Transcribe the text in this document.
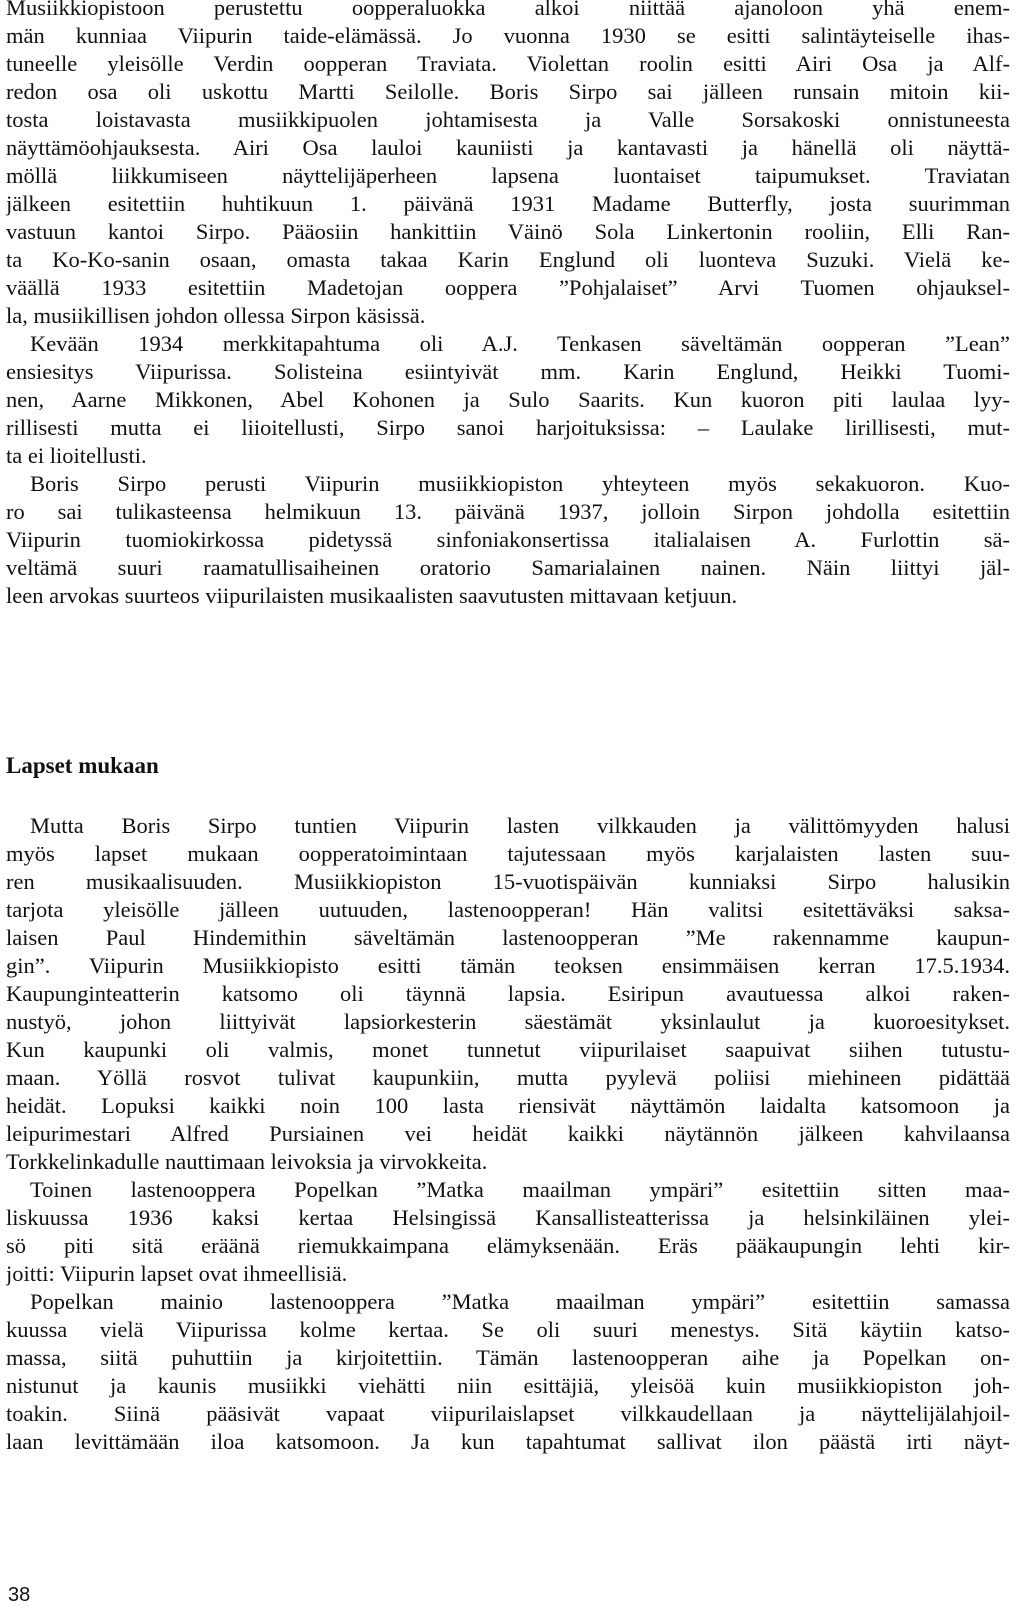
Musiikkiopistoon perustettu oopperaluokka alkoi niittää ajanoloon yhä enem-
män kunniaa Viipurin taide-elämässä. Jo vuonna 1930 se esitti salintäyteiselle ihas-
tuneelle yleisölle Verdin oopperan Traviata. Violettan roolin esitti Airi Osa ja Alf-
redon osa oli uskottu Martti Seilolle. Boris Sirpo sai jälleen runsain mitoin kii-
tosta loistavasta musiikkipuolen johtamisesta ja Valle Sorsakoski onnistuneesta
näyttämöohjauksesta. Airi Osa lauloi kauniisti ja kantavasti ja hänellä oli näyttä-
möllä liikkumiseen näyttelijäperheen lapsena luontaiset taipumukset. Traviatan
jälkeen esitettiin huhtikuun 1. päivänä 1931 Madame Butterfly, josta suurimman
vastuun kantoi Sirpo. Pääosiin hankittiin Väinö Sola Linkertonin rooliin, Elli Ran-
ta Ko-Ko-sanin osaan, omasta takaa Karin Englund oli luonteva Suzuki. Vielä ke-
väällä 1933 esitettiin Madetojan ooppera ”Pohjalaiset” Arvi Tuomen ohjauksel-
la, musiikillisen johdon ollessa Sirpon käsissä.
Kevään 1934 merkkitapahtuma oli A.J. Tenkasen säveltämän oopperan ”Lean”
ensiesitys Viipurissa. Solisteina esiintyivät mm. Karin Englund, Heikki Tuomi-
nen, Aarne Mikkonen, Abel Kohonen ja Sulo Saarits. Kun kuoron piti laulaa lyy-
rillisesti mutta ei liioitellusti, Sirpo sanoi harjoituksissa: – Laulake lirillisesti, mut-
ta ei lioitellusti.
Boris Sirpo perusti Viipurin musiikkiopiston yhteyteen myös sekakuoron. Kuo-
ro sai tulikasteensa helmikuun 13. päivänä 1937, jolloin Sirpon johdolla esitettiin
Viipurin tuomiokirkossa pidetyssä sinfoniakonsertissa italialaisen A. Furlottin sä-
veltämä suuri raamatullisaiheinen oratorio Samarialainen nainen. Näin liittyi jäl-
leen arvokas suurteos viipurilaisten musikaalisten saavutusten mittavaan ketjuun.
Lapset mukaan
Mutta Boris Sirpo tuntien Viipurin lasten vilkkauden ja välittömyyden halusi
myös lapset mukaan oopperatoimintaan tajutessaan myös karjalaisten lasten suu-
ren musikaalisuuden. Musiikkiopiston 15-vuotispäivän kunniaksi Sirpo halusikin
tarjota yleisölle jälleen uutuuden, lastenoopperan! Hän valitsi esitettäväksi saksa-
laisen Paul Hindemithin säveltämän lastenoopperan ”Me rakennamme kaupun-
gin”. Viipurin Musiikkiopisto esitti tämän teoksen ensimmäisen kerran 17.5.1934.
Kaupunginteatterin katsomo oli täynnä lapsia. Esiripun avautuessa alkoi raken-
nustyö, johon liittyivät lapsiorkesterin säestämät yksinlaulut ja kuoroesitykset.
Kun kaupunki oli valmis, monet tunnetut viipurilaiset saapuivat siihen tutustu-
maan. Yöllä rosvot tulivat kaupunkiin, mutta pyylevä poliisi miehineen pidättää
heidät. Lopuksi kaikki noin 100 lasta riensivät näyttämön laidalta katsomoon ja
leipurimestari Alfred Pursiainen vei heidät kaikki näytännön jälkeen kahvilaansa
Torkkelinkadulle nauttimaan leivoksia ja virvokkeita.
Toinen lastenooppera Popelkan ”Matka maailman ympäri” esitettiin sitten maa-
liskuussa 1936 kaksi kertaa Helsingissä Kansallisteatterissa ja helsinkiläinen ylei-
sö piti sitä eräänä riemukkaimpana elämyksenään. Eräs pääkaupungin lehti kir-
joitti: Viipurin lapset ovat ihmeellisiä.
Popelkan mainio lastenooppera ”Matka maailman ympäri” esitettiin samassa
kuussa vielä Viipurissa kolme kertaa. Se oli suuri menestys. Sitä käytiin katso-
massa, siitä puhuttiin ja kirjoitettiin. Tämän lastenoopperan aihe ja Popelkan on-
nistunut ja kaunis musiikki viehätti niin esittäjiä, yleisöä kuin musiikkiopiston joh-
toakin. Siinä pääsivät vapaat viipurilaislapset vilkkaudellaan ja näyttelijälahjoil-
laan levittämään iloa katsomoon. Ja kun tapahtumat sallivat ilon päästä irti näyt-
38
